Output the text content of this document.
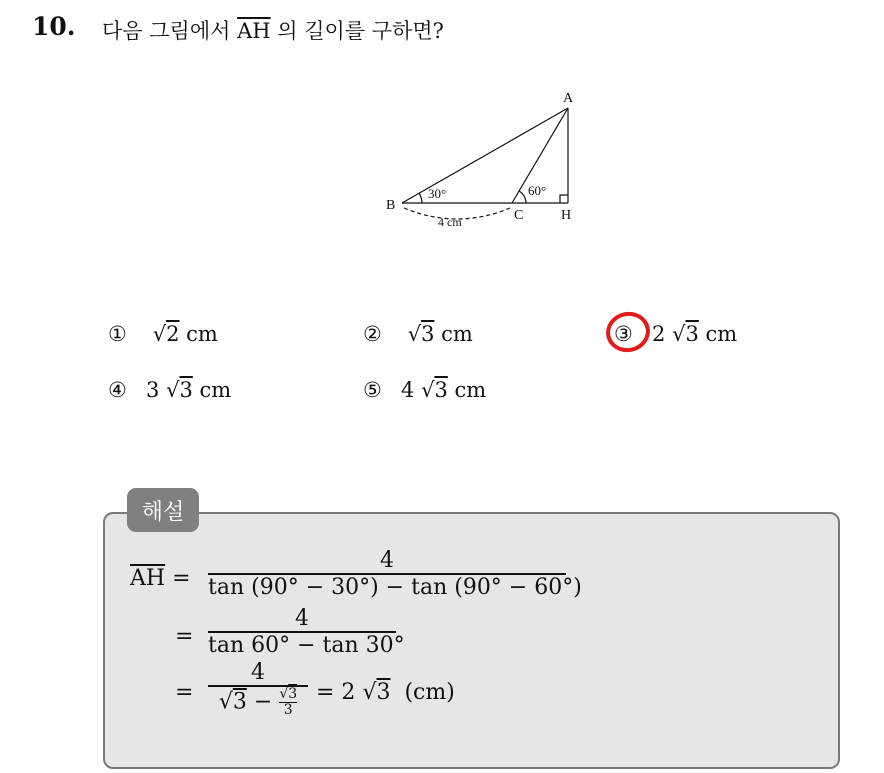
10. 다음 그림에서 $\overline{AH}$ 의 길이를 구하면?
A
B
C	H
30°	60°
4 cm
① √2 cm	② √3 cm	③ 2 √3 cm
④ 3 √3 cm	⑤ 4 √3 cm
해설
$\overline{AH}$ =
4
tan (90° − 30°) − tan (90° − 60°)
=
4
tan 60° − tan 30°
=
4
$√3 - \frac{√3}{3} = 2$ √3 (cm)
